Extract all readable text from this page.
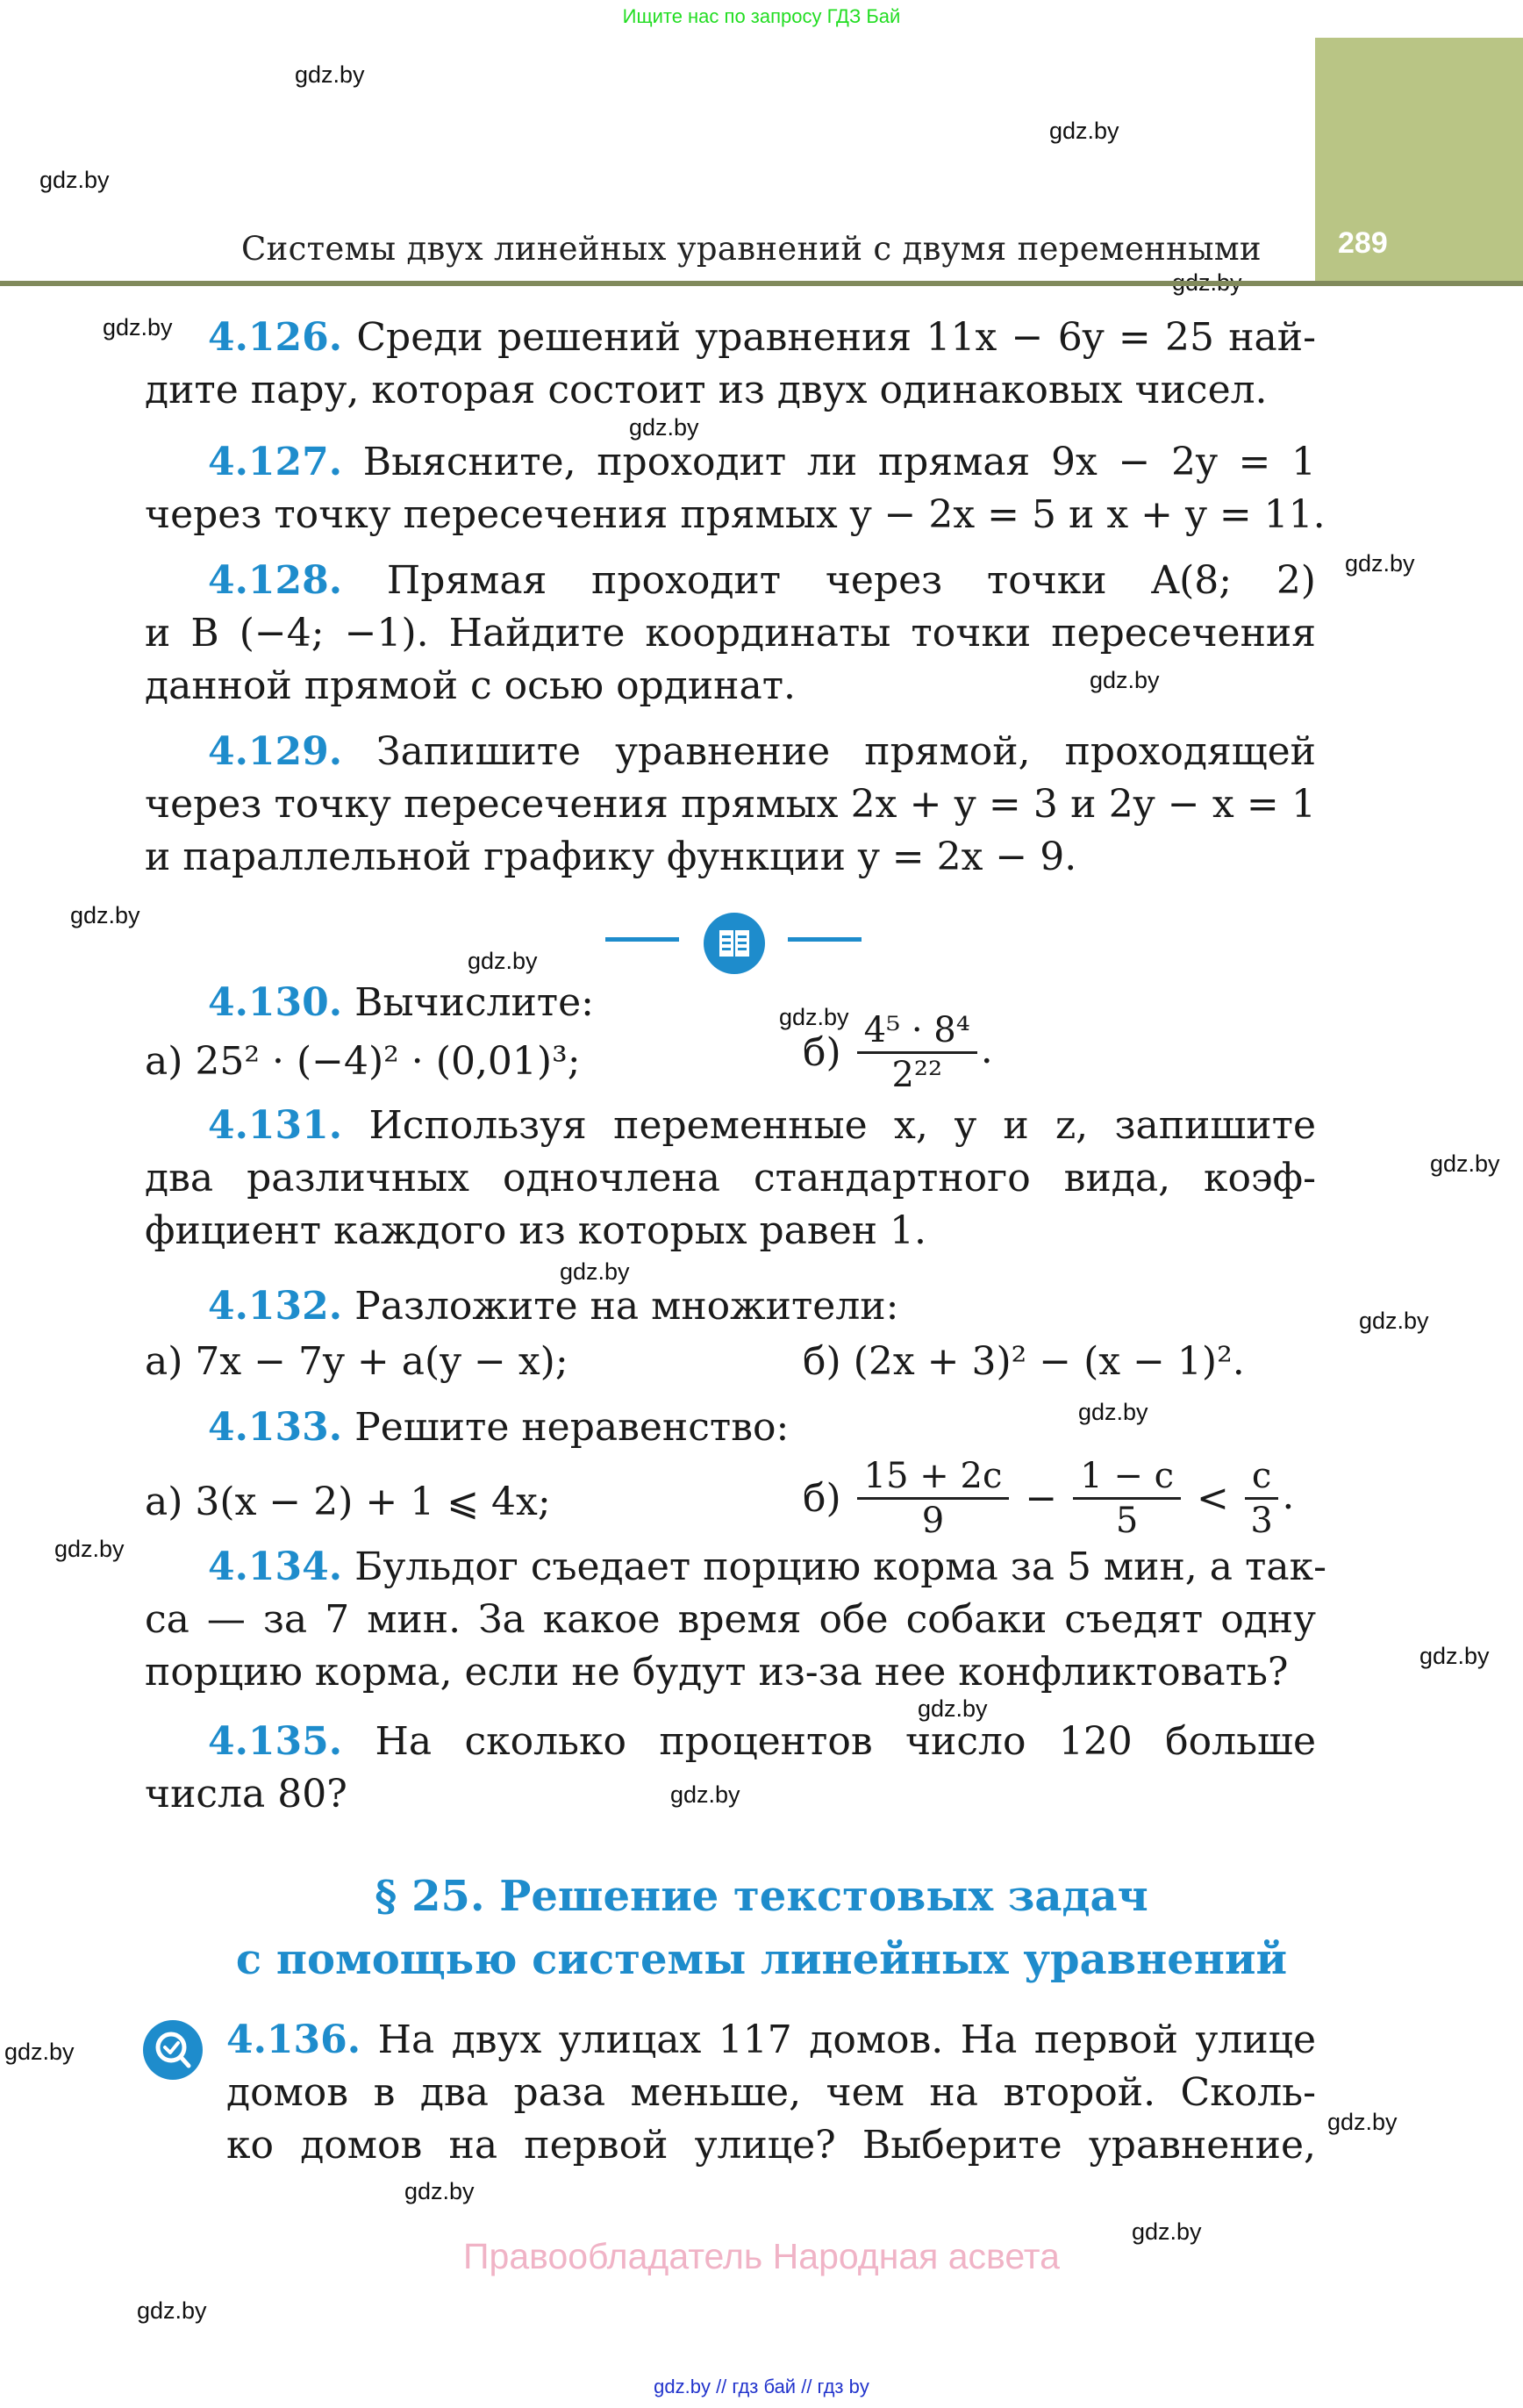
Ищите нас по запросу ГДЗ Бай
gdz.by
gdz.by
gdz.by
gdz.by
gdz.by
gdz.by
gdz.by
gdz.by
gdz.by
gdz.by
gdz.by
gdz.by
gdz.by
gdz.by
gdz.by
gdz.by
gdz.by
gdz.by
gdz.by
gdz.by
gdz.by
gdz.by
gdz.by
289
Системы двух линейных уравнений с двумя переменными
4.126. Среди решений уравнения 11x − 6y = 25 най-
дите пару, которая состоит из двух одинаковых чисел.
4.127. Выясните, проходит ли прямая 9x − 2y = 1
через точку пересечения прямых y − 2x = 5 и x + y = 11.
4.128. Прямая проходит через точки A(8; 2)
и B (−4; −1). Найдите координаты точки пересечения
данной прямой с осью ординат.
4.129. Запишите уравнение прямой, проходящей
через точку пересечения прямых 2x + y = 3 и 2y − x = 1
и параллельной графику функции y = 2x − 9.
4.130. Вычислите:
а) 25² · (−4)² · (0,01)³;	$б) \frac{\text{4⁵ · 8⁴}}{\text{2²²}}$ .
4.131. Используя переменные x, y и z, запишите
два различных одночлена стандартного вида, коэф-
фициент каждого из которых равен 1.
4.132. Разложите на множители:
а) 7x − 7y + a(y − x);	б) (2x + 3)² − (x − 1)².
4.133. Решите неравенство:
а) 3(x − 2) + 1 ⩽ 4x;	$б) \frac{15 + 2c}{9} - \frac{1 - c}{5} < \frac{c}{3}$ .
4.134. Бульдог съедает порцию корма за 5 мин, а так-
са — за 7 мин. За какое время обе собаки съедят одну
порцию корма, если не будут из-за нее конфликтовать?
4.135. На сколько процентов число 120 больше
числа 80?
§ 25. Решение текстовых задач
с помощью системы линейных уравнений
4.136. На двух улицах 117 домов. На первой улице
домов в два раза меньше, чем на второй. Сколь-
ко домов на первой улице? Выберите уравнение,
Правообладатель Народная асвета
gdz.by // гдз бай // гдз by
